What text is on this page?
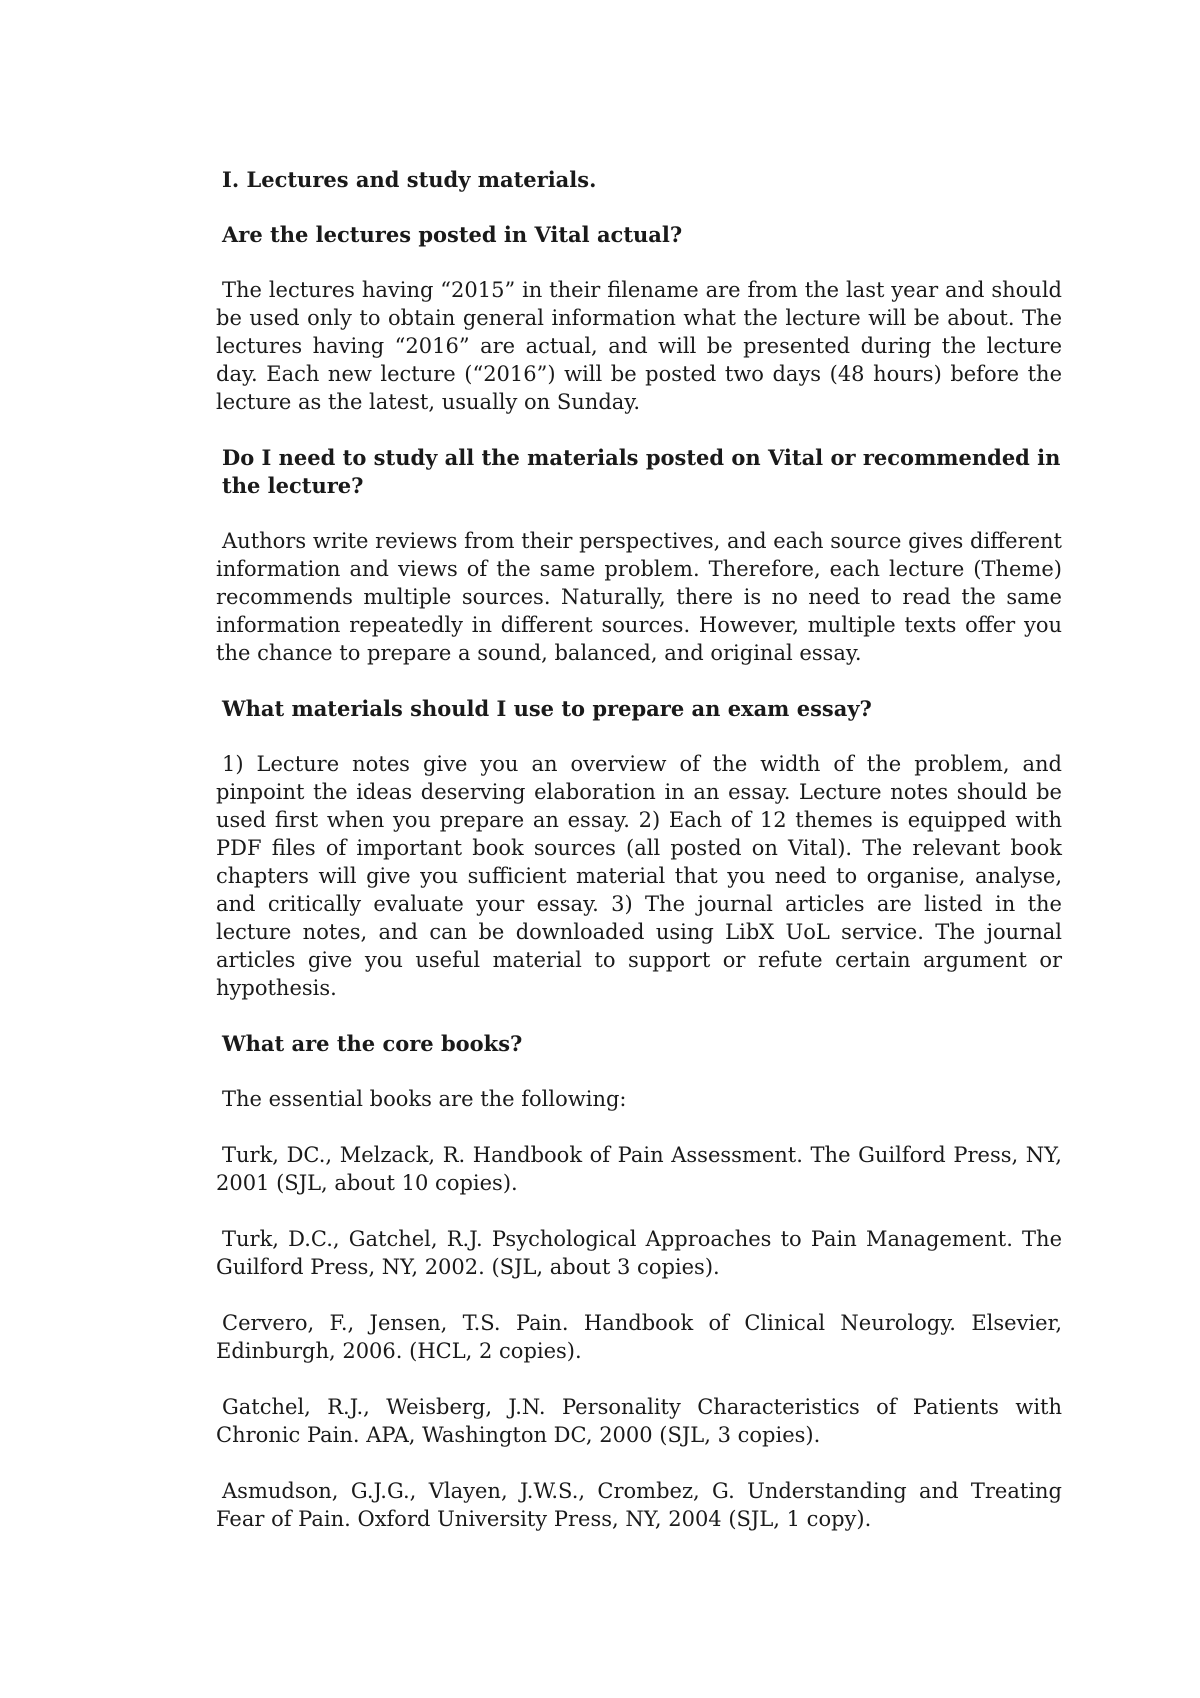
I. Lectures and study materials.

Are the lectures posted in Vital actual?

The lectures having “2015” in their filename are from the last year and should be used only to obtain general information what the lecture will be about. The lectures having “2016” are actual, and will be presented during the lecture day. Each new lecture (“2016”) will be posted two days (48 hours) before the lecture as the latest, usually on Sunday.

Do I need to study all the materials posted on Vital or recommended in the lecture?

Authors write reviews from their perspectives, and each source gives different information and views of the same problem. Therefore, each lecture (Theme) recommends multiple sources. Naturally, there is no need to read the same information repeatedly in different sources. However, multiple texts offer you the chance to prepare a sound, balanced, and original essay.

What materials should I use to prepare an exam essay?

1) Lecture notes give you an overview of the width of the problem, and pinpoint the ideas deserving elaboration in an essay. Lecture notes should be used first when you prepare an essay. 2) Each of 12 themes is equipped with PDF files of important book sources (all posted on Vital). The relevant book chapters will give you sufficient material that you need to organise, analyse, and critically evaluate your essay. 3) The journal articles are listed in the lecture notes, and can be downloaded using LibX UoL service. The journal articles give you useful material to support or refute certain argument or hypothesis.

What are the core books?

The essential books are the following:

Turk, DC., Melzack, R. Handbook of Pain Assessment. The Guilford Press, NY, 2001 (SJL, about 10 copies).

Turk, D.C., Gatchel, R.J. Psychological Approaches to Pain Management. The Guilford Press, NY, 2002. (SJL, about 3 copies).

Cervero, F., Jensen, T.S. Pain. Handbook of Clinical Neurology. Elsevier, Edinburgh, 2006. (HCL, 2 copies).

Gatchel, R.J., Weisberg, J.N. Personality Characteristics of Patients with Chronic Pain. APA, Washington DC, 2000 (SJL, 3 copies).

Asmudson, G.J.G., Vlayen, J.W.S., Crombez, G. Understanding and Treating Fear of Pain. Oxford University Press, NY, 2004 (SJL, 1 copy).
